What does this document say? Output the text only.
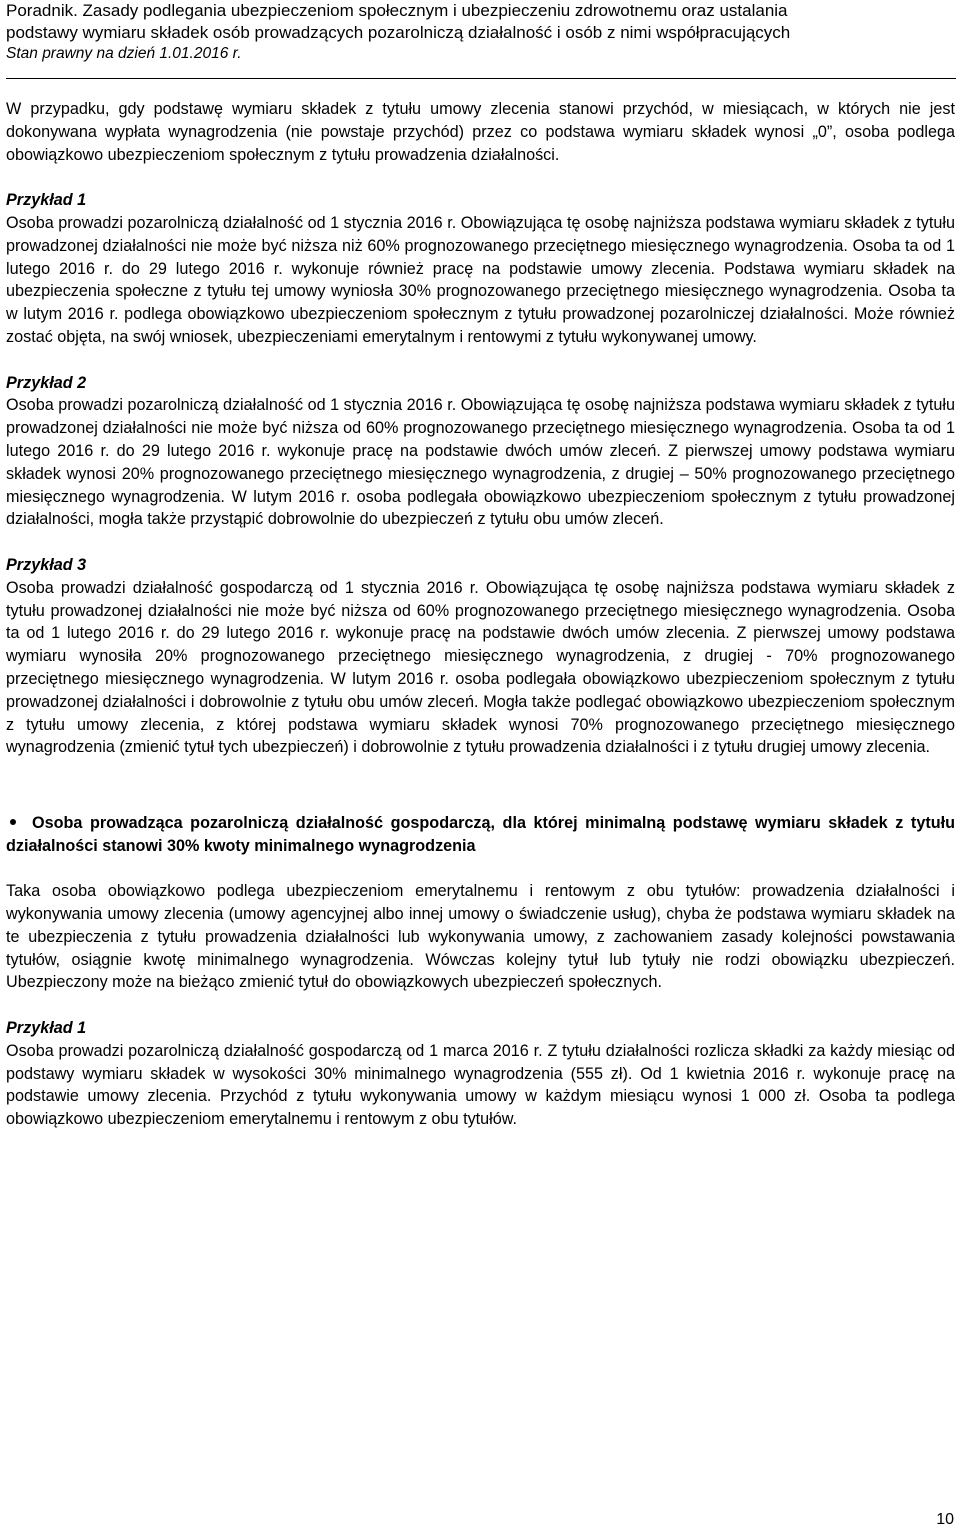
Poradnik. Zasady podlegania ubezpieczeniom społecznym i ubezpieczeniu zdrowotnemu oraz ustalania
podstawy wymiaru składek osób prowadzących pozarolniczą działalność i osób z nimi współpracujących
Stan prawny na dzień 1.01.2016 r.

W przypadku, gdy podstawę wymiaru składek z tytułu umowy zlecenia stanowi przychód, w miesiącach, w których nie jest dokonywana wypłata wynagrodzenia (nie powstaje przychód) przez co podstawa wymiaru składek wynosi „0”, osoba podlega obowiązkowo ubezpieczeniom społecznym z tytułu prowadzenia działalności.

Przykład 1

Osoba prowadzi pozarolniczą działalność od 1 stycznia 2016 r. Obowiązująca tę osobę najniższa podstawa wymiaru składek z tytułu prowadzonej działalności nie może być niższa niż 60% prognozowanego przeciętnego miesięcznego wynagrodzenia. Osoba ta od 1 lutego 2016 r. do 29 lutego 2016 r. wykonuje również pracę na podstawie umowy zlecenia. Podstawa wymiaru składek na ubezpieczenia społeczne z tytułu tej umowy wyniosła 30% prognozowanego przeciętnego miesięcznego wynagrodzenia. Osoba ta w lutym 2016 r. podlega obowiązkowo ubezpieczeniom społecznym z tytułu prowadzonej pozarolniczej działalności. Może również zostać objęta, na swój wniosek, ubezpieczeniami emerytalnym i rentowymi z tytułu wykonywanej umowy.

Przykład 2

Osoba prowadzi pozarolniczą działalność od 1 stycznia 2016 r. Obowiązująca tę osobę najniższa podstawa wymiaru składek z tytułu prowadzonej działalności nie może być niższa od 60% prognozowanego przeciętnego miesięcznego wynagrodzenia. Osoba ta od 1 lutego 2016 r. do 29 lutego 2016 r. wykonuje pracę na podstawie dwóch umów zleceń. Z pierwszej umowy podstawa wymiaru składek wynosi 20% prognozowanego przeciętnego miesięcznego wynagrodzenia, z drugiej – 50% prognozowanego przeciętnego miesięcznego wynagrodzenia. W lutym 2016 r. osoba podlegała obowiązkowo ubezpieczeniom społecznym z tytułu prowadzonej działalności, mogła także przystąpić dobrowolnie do ubezpieczeń z tytułu obu umów zleceń.

Przykład 3

Osoba prowadzi działalność gospodarczą od 1 stycznia 2016 r. Obowiązująca tę osobę najniższa podstawa wymiaru składek z tytułu prowadzonej działalności nie może być niższa od 60% prognozowanego przeciętnego miesięcznego wynagrodzenia. Osoba ta od 1 lutego 2016 r. do 29 lutego 2016 r. wykonuje pracę na podstawie dwóch umów zlecenia. Z pierwszej umowy podstawa wymiaru wynosiła 20% prognozowanego przeciętnego miesięcznego wynagrodzenia, z drugiej - 70% prognozowanego przeciętnego miesięcznego wynagrodzenia. W lutym 2016 r. osoba podlegała obowiązkowo ubezpieczeniom społecznym z tytułu prowadzonej działalności i dobrowolnie z tytułu obu umów zleceń. Mogła także podlegać obowiązkowo ubezpieczeniom społecznym z tytułu umowy zlecenia, z której podstawa wymiaru składek wynosi 70% prognozowanego przeciętnego miesięcznego wynagrodzenia (zmienić tytuł tych ubezpieczeń) i dobrowolnie z tytułu prowadzenia działalności i z tytułu drugiej umowy zlecenia.

Osoba prowadząca pozarolniczą działalność gospodarczą, dla której minimalną podstawę wymiaru składek z tytułu działalności stanowi 30% kwoty minimalnego wynagrodzenia

Taka osoba obowiązkowo podlega ubezpieczeniom emerytalnemu i rentowym z obu tytułów: prowadzenia działalności i wykonywania umowy zlecenia (umowy agencyjnej albo innej umowy o świadczenie usług), chyba że podstawa wymiaru składek na te ubezpieczenia z tytułu prowadzenia działalności lub wykonywania umowy, z zachowaniem zasady kolejności powstawania tytułów, osiągnie kwotę minimalnego wynagrodzenia. Wówczas kolejny tytuł lub tytuły nie rodzi obowiązku ubezpieczeń. Ubezpieczony może na bieżąco zmienić tytuł do obowiązkowych ubezpieczeń społecznych.

Przykład 1

Osoba prowadzi pozarolniczą działalność gospodarczą od 1 marca 2016 r. Z tytułu działalności rozlicza składki za każdy miesiąc od podstawy wymiaru składek w wysokości 30% minimalnego wynagrodzenia (555 zł). Od 1 kwietnia 2016 r. wykonuje pracę na podstawie umowy zlecenia. Przychód z tytułu wykonywania umowy w każdym miesiącu wynosi 1 000 zł. Osoba ta podlega obowiązkowo ubezpieczeniom emerytalnemu i rentowym z obu tytułów.

10
